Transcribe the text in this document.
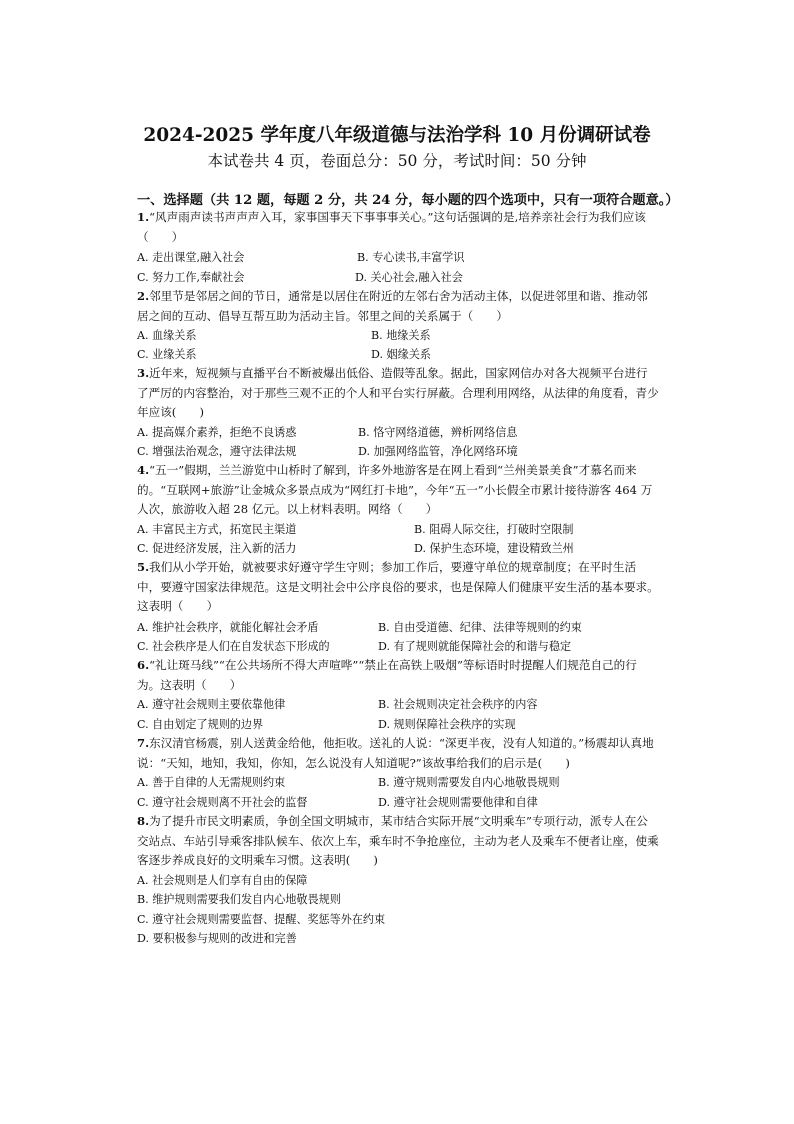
2024-2025 学年度八年级道德与法治学科 10 月份调研试卷
本试卷共 4 页，卷面总分：50 分，考试时间：50 分钟
一、选择题（共 12 题，每题 2 分，共 24 分，每小题的四个选项中，只有一项符合题意。）
1.“风声雨声读书声声声入耳，家事国事天下事事事关心。”这句话强调的是,培养亲社会行为我们应该（　　）
A. 走出课堂,融入社会	B. 专心读书,丰富学识
C. 努力工作,奉献社会	D. 关心社会,融入社会
2.邻里节是邻居之间的节日，通常是以居住在附近的左邻右舍为活动主体，以促进邻里和谐、推动邻居之间的互动、倡导互帮互助为活动主旨。邻里之间的关系属于（　　）
A. 血缘关系	B. 地缘关系
C. 业缘关系	D. 姻缘关系
3.近年来，短视频与直播平台不断被爆出低俗、造假等乱象。据此，国家网信办对各大视频平台进行了严厉的内容整治，对于那些三观不正的个人和平台实行屏蔽。合理利用网络，从法律的角度看，青少年应该(　　)
A. 提高媒介素养，拒绝不良诱惑	B. 恪守网络道德，辨析网络信息
C. 增强法治观念，遵守法律法规	D. 加强网络监管，净化网络环境
4.“五一”假期，兰兰游览中山桥时了解到，许多外地游客是在网上看到“兰州美景美食”才慕名而来的。“互联网+旅游”让金城众多景点成为“网红打卡地”，今年“五一”小长假全市累计接待游客 464 万人次，旅游收入超 28 亿元。以上材料表明。网络（　　）
A. 丰富民主方式，拓宽民主渠道	B. 阻碍人际交往，打破时空限制
C. 促进经济发展，注入新的活力	D. 保护生态环境，建设精致兰州
5.我们从小学开始，就被要求好遵守学生守则；参加工作后，要遵守单位的规章制度；在平时生活中，要遵守国家法律规范。这是文明社会中公序良俗的要求，也是保障人们健康平安生活的基本要求。这表明（　　）
A. 维护社会秩序，就能化解社会矛盾	B. 自由受道德、纪律、法律等规则的约束
C. 社会秩序是人们在自发状态下形成的	D. 有了规则就能保障社会的和谐与稳定
6.“礼让斑马线”“在公共场所不得大声喧哗”“禁止在高铁上吸烟”等标语时时提醒人们规范自己的行为。这表明（　　）
A. 遵守社会规则主要依靠他律	B. 社会规则决定社会秩序的内容
C. 自由划定了规则的边界	D. 规则保障社会秩序的实现
7.东汉清官杨震，别人送黄金给他，他拒收。送礼的人说：“深更半夜，没有人知道的。”杨震却认真地说：“天知，地知，我知，你知，怎么说没有人知道呢?”该故事给我们的启示是(　　)
A. 善于自律的人无需规则约束	B. 遵守规则需要发自内心地敬畏规则
C. 遵守社会规则离不开社会的监督	D. 遵守社会规则需要他律和自律
8.为了提升市民文明素质，争创全国文明城市，某市结合实际开展“文明乘车”专项行动，派专人在公交站点、车站引导乘客排队候车、依次上车，乘车时不争抢座位，主动为老人及乘车不便者让座，使乘客逐步养成良好的文明乘车习惯。这表明(　　)
A. 社会规则是人们享有自由的保障
B. 维护规则需要我们发自内心地敬畏规则
C. 遵守社会规则需要监督、提醒、奖惩等外在约束
D. 要积极参与规则的改进和完善
